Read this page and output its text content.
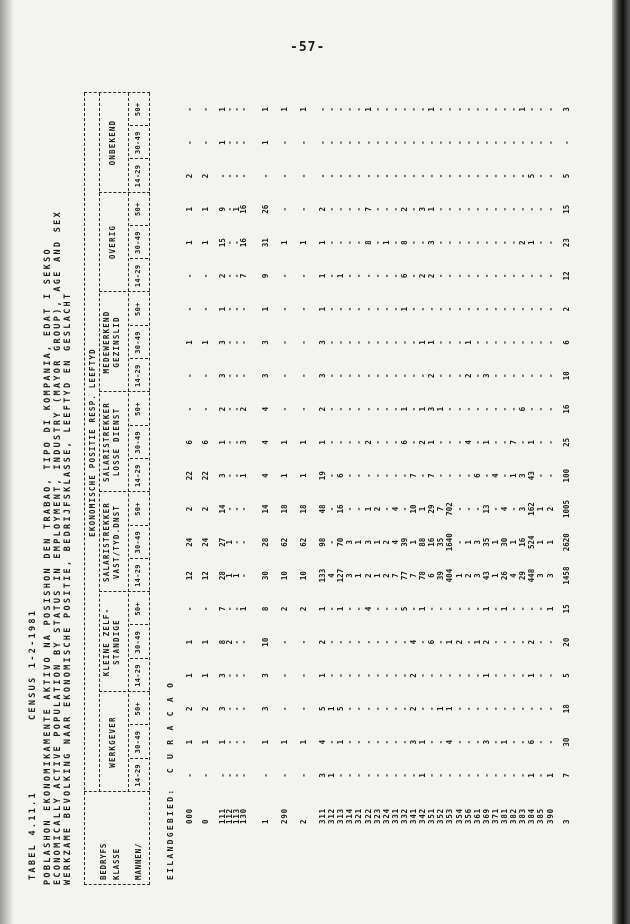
-57-
TABEL 4.11.1
CENSUS 1-2-1981 POBLASHON EKONOMIKAMENTE AKTIVO NA POSISHON DEN TRABAO, TIPO DI KOMPANIA, EDAT I SEKSO ECONOMICALLY ACTIVE POPULATION BY STATUS IN EMPLOYMENT, INDUSTRY (MAYOR GROUP), AGE AND SEX WERKZAME BEVOLKING NAAR EKONOMISCHE POSITIE, BEDRIJFSKLASSE, LEEFTYD EN GESLACHT	BEDRYFS KLASSE MANNEN/
EKONOMISCHE POSITIE RESP. LEEFTYD
WERKGEVER
KLEINE ZELF-
STANDIGE
SALARISTREKKER
VAST/TYD.DNST
SALARISTREKKER
LOSSE DIENST
MEDEWERKEND
GEZINSLID
OVERIG
ONBEKEND
14-29
30-49
50+
14-29
30-49
50+
14-29
30-49
50+
14-29
30-49
50+
14-29
30-49
50+
14-29
30-49
50+
14-29
30-49
50+
EILANDGEBIED:  C U R A C A O 000
-
1
2
1
1
-
12
24
2
22
6
-
-
1
-
-
1
1
2
-
-
0
-
1
2
1
1
-
12
24
2
22
6
-
-
1
-
-
1
1
2
-
-
111
-
1
3
3
8
7
28
27
14
3
1
2
3
3
1
2
15
9
-
1
1
112
-
-
-
-
2
-
1
1
-
-
-
-
-
-
-
-
-
-
-
-
-
113
-
-
-
-
-
-
1
-
-
-
-
-
-
-
-
-
-
1
-
-
-
130
-
-
-
-
-
1
-
-
-
1
3
2
-
-
-
7
16
16
-
-
-
1
-
1
3
3
10
8
30
28
14
4
4
4
3
3
1
9
31
26
-
1
1
290
-
1
-
-
-
2
10
62
18
1
1
-
-
-
-
-
1
-
-
-
1
2
-
1
-
-
-
2
10
62
18
1
1
-
-
-
-
-
1
-
-
-
1
311
3
4
5
1
2
1
133
98
48
19
1
2
3
3
1
1
1
2
-
-
-
312
1
-
1
-
-
-
4
-
-
-
-
-
-
-
-
-
-
-
-
-
-
313
-
1
5
-
-
1
127
70
16
6
-
-
-
-
-
1
-
-
-
-
-
314
-
-
-
-
-
-
3
3
-
-
-
-
-
-
-
-
-
-
-
-
-
321
-
-
-
-
-
-
1
1
-
-
-
-
-
-
-
-
-
-
-
-
-
322
-
-
-
-
-
4
2
3
1
-
2
-
-
-
-
-
8
7
-
-
1
323
-
-
-
-
-
-
1
1
2
-
-
-
-
-
-
-
-
-
-
-
-
324
-
-
-
-
-
-
2
2
-
-
-
-
-
-
-
-
1
-
-
-
-
331
-
-
-
-
-
-
7
4
4
-
-
-
-
-
-
-
-
-
-
-
-
332
-
-
-
-
-
5
77
39
-
-
6
1
-
-
1
6
8
2
-
-
-
341
-
3
2
2
4
-
7
1
10
7
-
-
-
-
-
-
-
-
-
-
-
342
1
1
-
-
-
1
78
88
1
-
2
1
-
1
-
2
-
3
-
-
-
351
-
-
-
-
6
-
6
16
29
7
1
3
2
1
-
2
3
1
-
-
1
352
-
-
1
-
-
-
39
35
7
-
-
1
-
-
-
-
-
-
-
-
-
353
-
4
1
-
1
-
404
1640
702
-
-
-
-
-
-
-
-
-
-
-
-
354
-
-
-
-
2
-
1
-
-
-
-
-
-
-
-
-
-
-
-
-
-
356
-
-
-
-
-
-
2
1
-
-
4
-
2
1
-
-
-
-
-
-
-
361
-
-
-
-
1
-
3
3
-
6
-
-
-
-
-
-
-
-
-
-
-
369
-
3
-
1
2
1
43
35
13
-
1
-
3
-
-
-
-
-
-
-
-
371
-
-
-
-
-
-
1
1
-
4
-
-
-
-
-
-
-
-
-
-
-
381
-
1
-
-
-
1
26
30
4
-
-
-
-
-
-
-
-
-
-
-
-
382
-
-
-
-
-
-
4
1
-
1
7
-
-
-
-
-
-
-
-
-
-
383
-
-
-
-
-
-
29
16
3
3
-
6
-
-
-
-
2
-
-
-
1
384
1
6
-
1
2
-
448
524
162
43
1
-
-
-
-
-
1
-
5
-
-
385
-
-
-
-
-
-
3
1
1
-
-
-
-
-
-
-
-
-
-
-
-
390
1
-
-
-
-
1
3
1
2
-
-
-
-
-
-
-
-
-
-
-
-
3
7
30
18
5
20
15
1458
2620
1005
100
25
16
10
6
2
12
23
15
5
-
3
